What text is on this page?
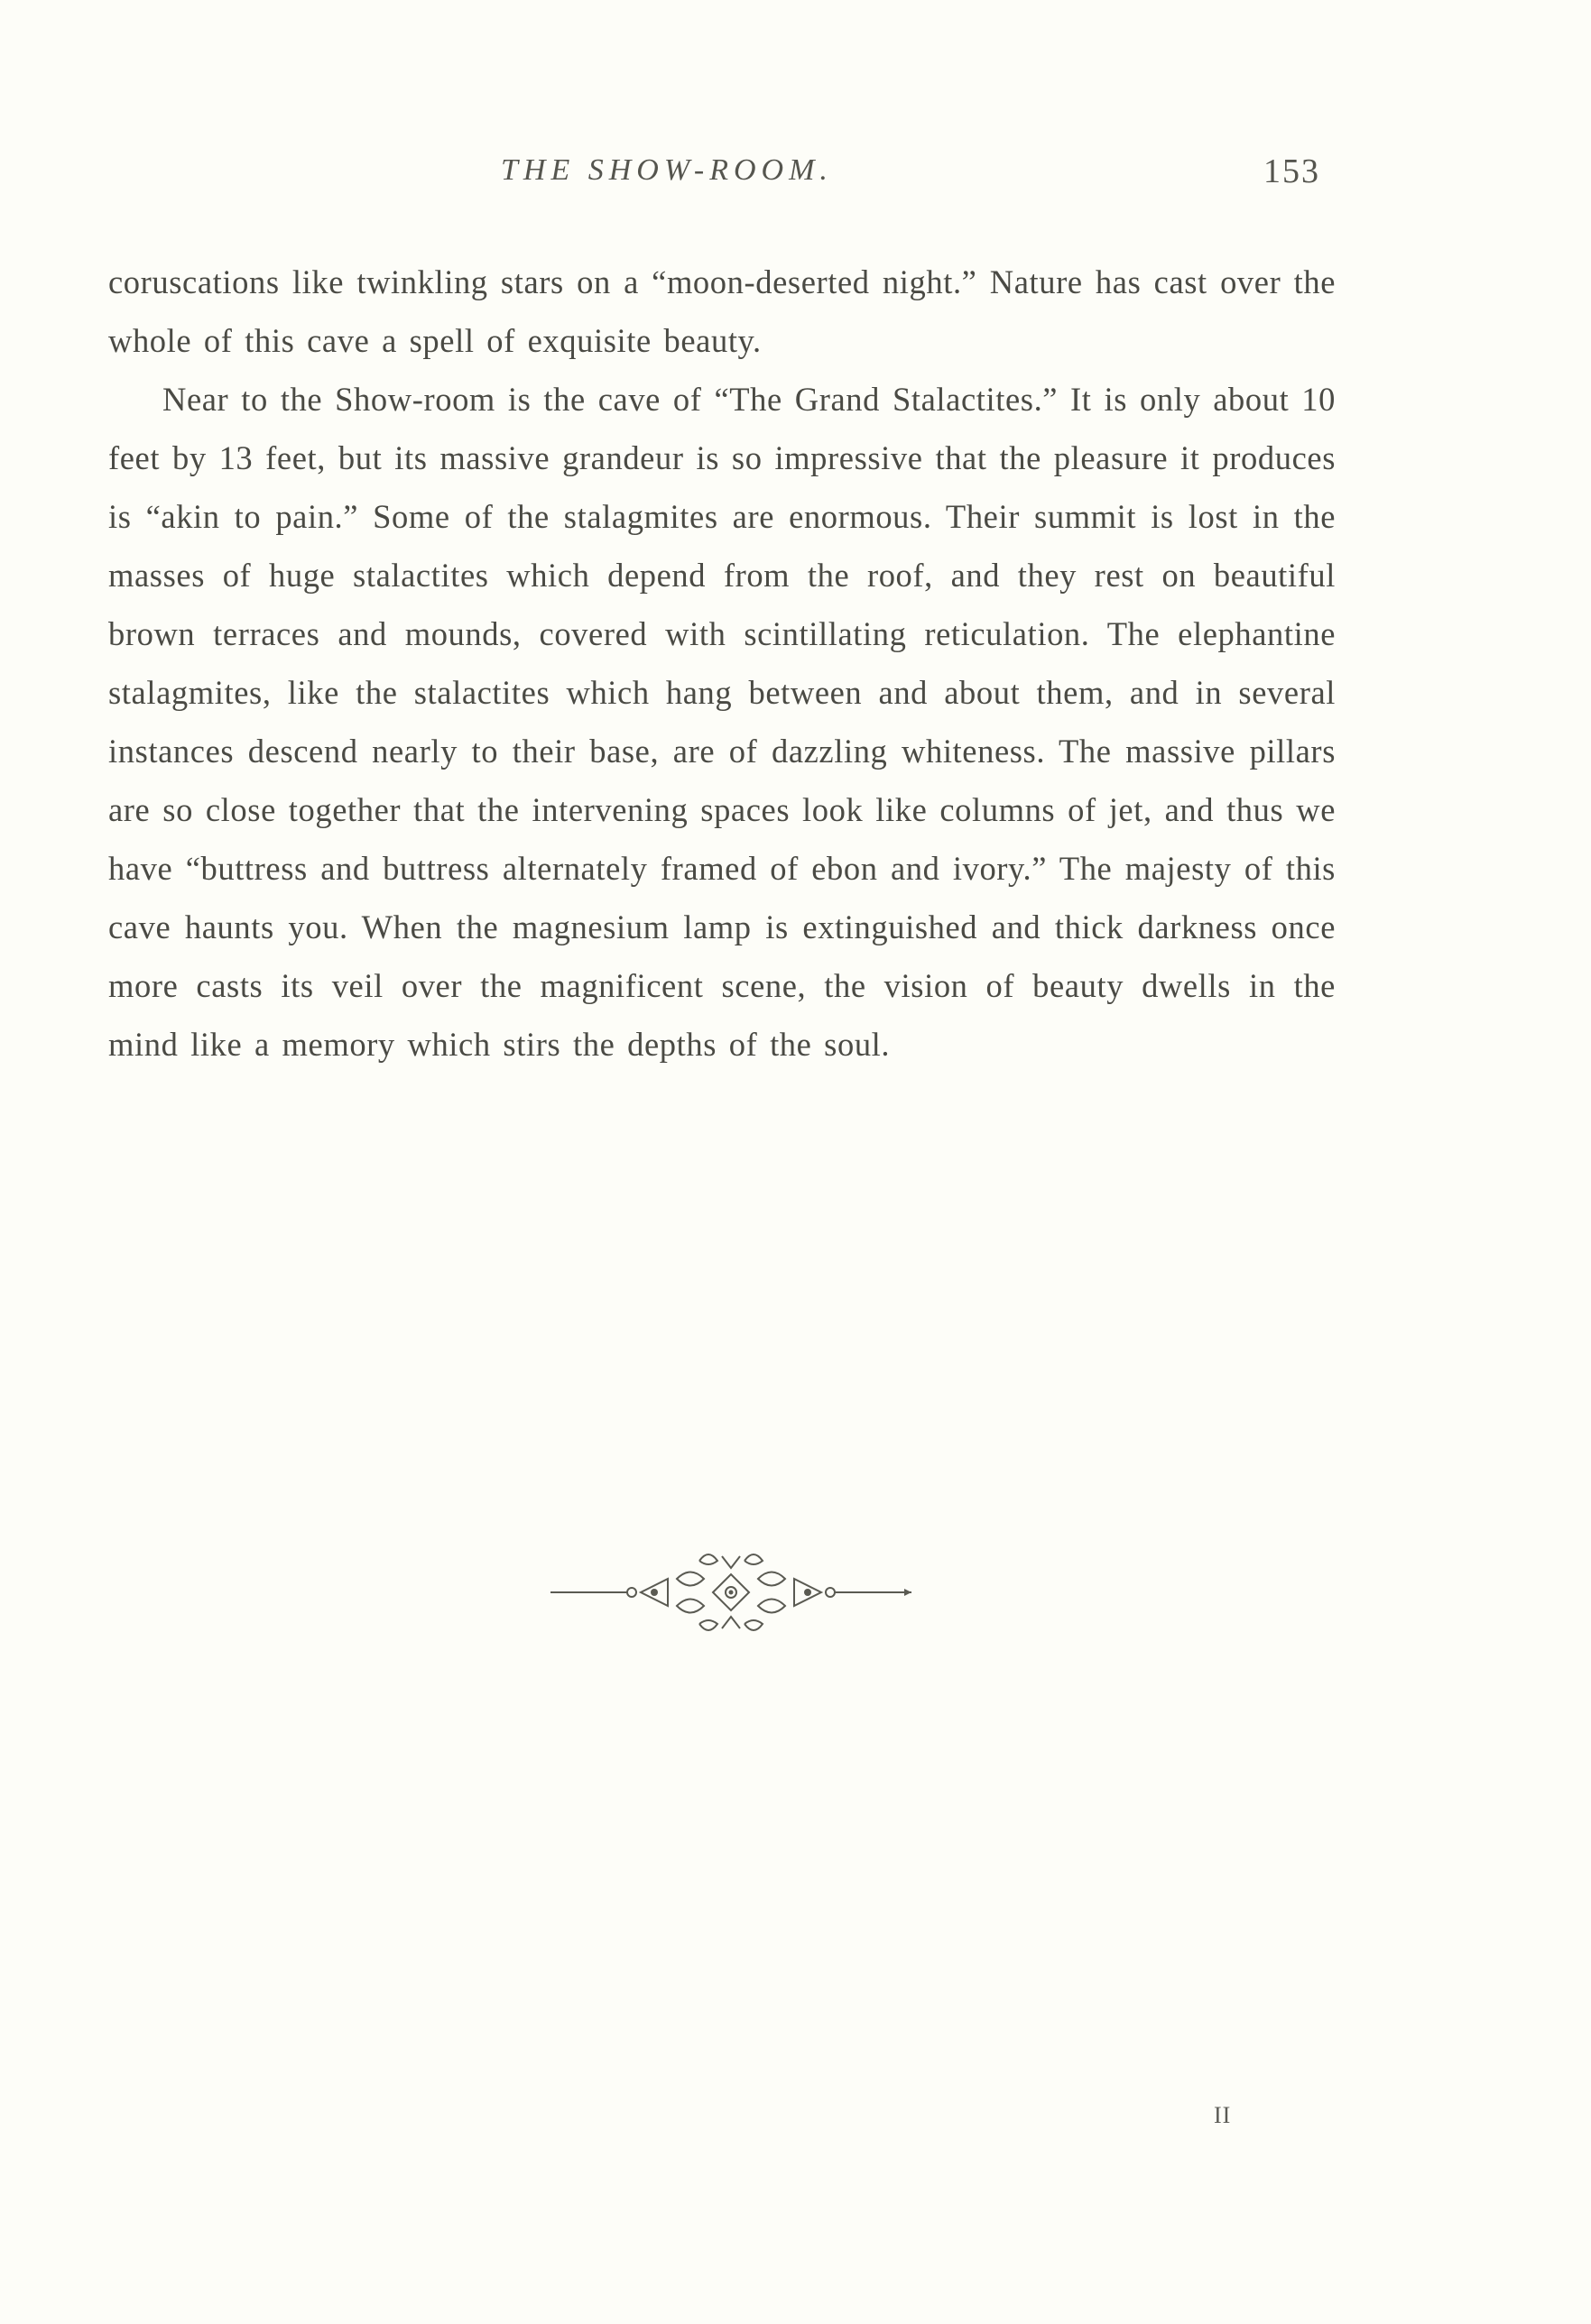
THE SHOW-ROOM.	153

coruscations like twinkling stars on a “moon-deserted night.” Nature has cast over the whole of this cave a spell of exquisite beauty.

Near to the Show-room is the cave of “The Grand Stalactites.” It is only about 10 feet by 13 feet, but its massive grandeur is so impressive that the pleasure it produces is “akin to pain.” Some of the stalagmites are enormous. Their summit is lost in the masses of huge stalactites which depend from the roof, and they rest on beautiful brown terraces and mounds, covered with scintillating reticulation. The elephantine stalagmites, like the stalactites which hang between and about them, and in several instances descend nearly to their base, are of dazzling whiteness. The massive pillars are so close together that the intervening spaces look like columns of jet, and thus we have “buttress and buttress alternately framed of ebon and ivory.” The majesty of this cave haunts you. When the magnesium lamp is extinguished and thick darkness once more casts its veil over the magnificent scene, the vision of beauty dwells in the mind like a memory which stirs the depths of the soul.

II
